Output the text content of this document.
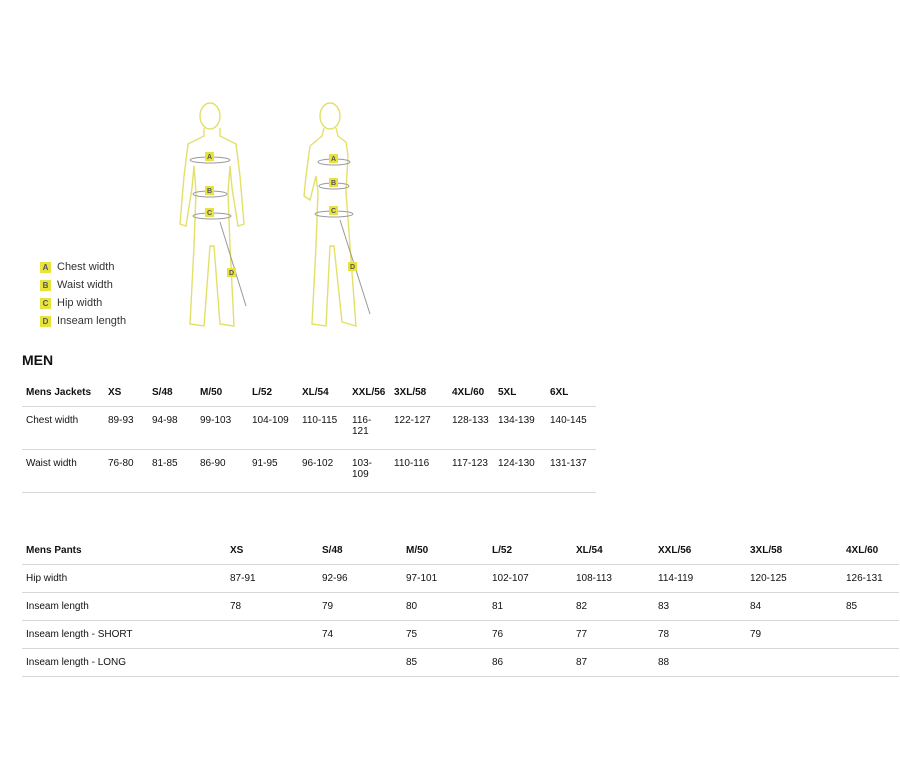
A
B
C
D
A
B
C
D
A Chest width
B Waist width
C Hip width
D Inseam length
MEN
Mens Jackets	XS	S/48	M/50	L/52	XL/54	XXL/56	3XL/58	4XL/60	5XL	6XL
Chest width	89-93	94-98	99-103	104-109	110-115	116-
121	122-127	128-133	134-139	140-145
Waist width	76-80	81-85	86-90	91-95	96-102	103-
109	110-116	117-123	124-130	131-137
Mens Pants	XS	S/48	M/50	L/52	XL/54	XXL/56	3XL/58	4XL/60
Hip width	87-91	92-96	97-101	102-107	108-113	114-119	120-125	126-131
Inseam length	78	79	80	81	82	83	84	85
Inseam length - SHORT		74	75	76	77	78	79	
Inseam length - LONG			85	86	87	88		
